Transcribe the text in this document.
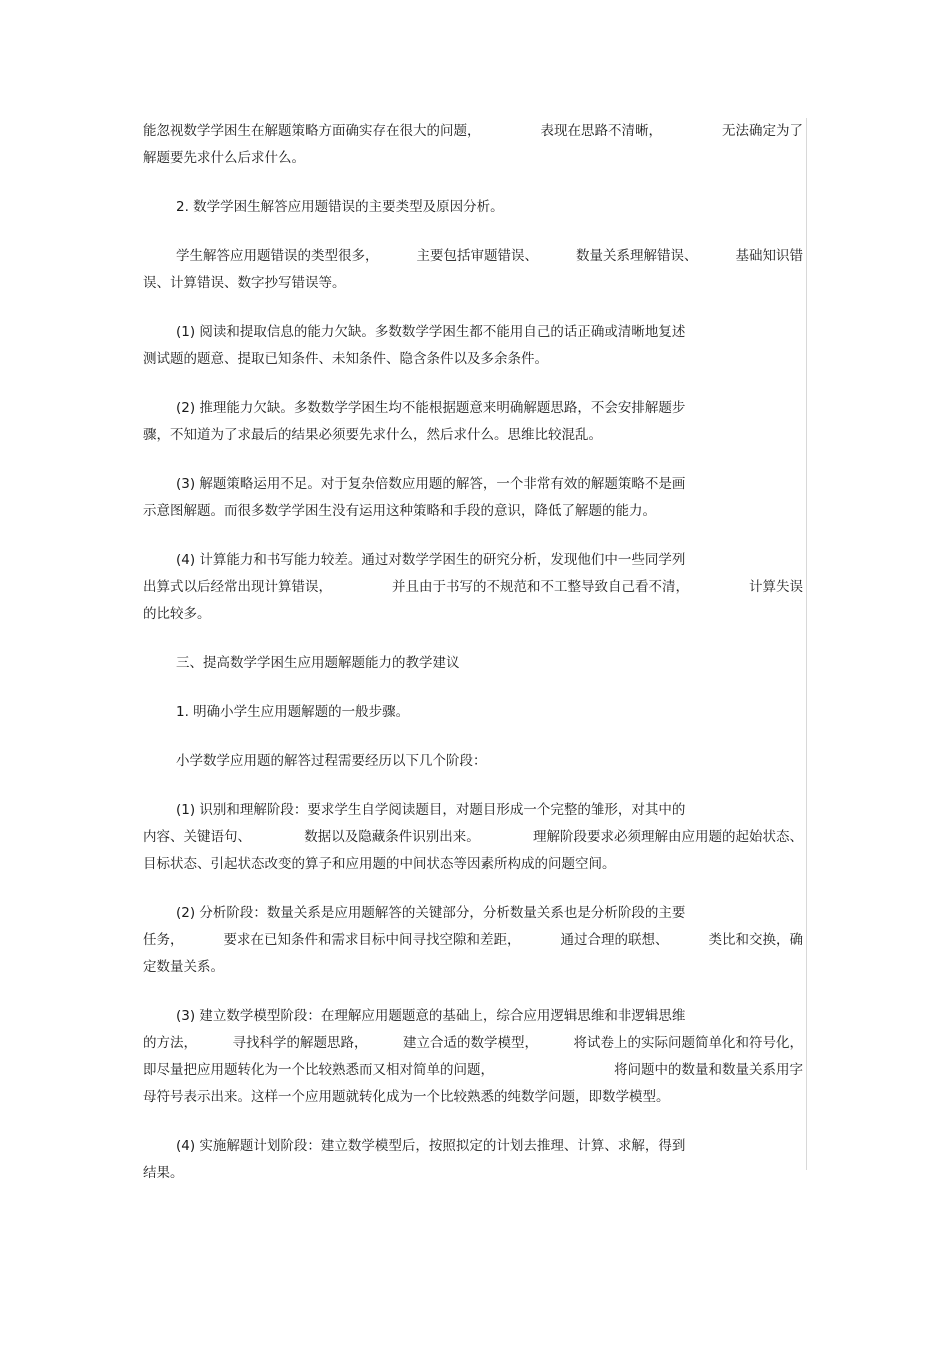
能忽视数学学困生在解题策略方面确实存在很大的问题，	表现在思路不清晰，	无法确定为了
解题要先求什么后求什么。
2. 数学学困生解答应用题错误的主要类型及原因分析。
学生解答应用题错误的类型很多，	主要包括审题错误、	数量关系理解错误、	基础知识错
误、计算错误、数字抄写错误等。
(1) 阅读和提取信息的能力欠缺。多数数学学困生都不能用自己的话正确或清晰地复述
测试题的题意、提取已知条件、未知条件、隐含条件以及多余条件。
(2) 推理能力欠缺。多数数学学困生均不能根据题意来明确解题思路，不会安排解题步
骤，不知道为了求最后的结果必须要先求什么，然后求什么。思维比较混乱。
(3) 解题策略运用不足。对于复杂倍数应用题的解答，一个非常有效的解题策略不是画
示意图解题。而很多数学学困生没有运用这种策略和手段的意识，降低了解题的能力。
(4) 计算能力和书写能力较差。通过对数学学困生的研究分析，发现他们中一些同学列
出算式以后经常出现计算错误，	并且由于书写的不规范和不工整导致自己看不清，	计算失误
的比较多。
三、提高数学学困生应用题解题能力的教学建议
1. 明确小学生应用题解题的一般步骤。
小学数学应用题的解答过程需要经历以下几个阶段：
(1) 识别和理解阶段：要求学生自学阅读题目，对题目形成一个完整的雏形，对其中的
内容、关键语句、	数据以及隐藏条件识别出来。	理解阶段要求必须理解由应用题的起始状态、
目标状态、引起状态改变的算子和应用题的中间状态等因素所构成的问题空间。
(2) 分析阶段：数量关系是应用题解答的关键部分，分析数量关系也是分析阶段的主要
任务，	要求在已知条件和需求目标中间寻找空隙和差距，	通过合理的联想、	类比和交换，确
定数量关系。
(3) 建立数学模型阶段：在理解应用题题意的基础上，综合应用逻辑思维和非逻辑思维
的方法，	寻找科学的解题思路，	建立合适的数学模型，	将试卷上的实际问题简单化和符号化，
即尽量把应用题转化为一个比较熟悉而又相对简单的问题，	将问题中的数量和数量关系用字
母符号表示出来。这样一个应用题就转化成为一个比较熟悉的纯数学问题，即数学模型。
(4) 实施解题计划阶段：建立数学模型后，按照拟定的计划去推理、计算、求解，得到
结果。
